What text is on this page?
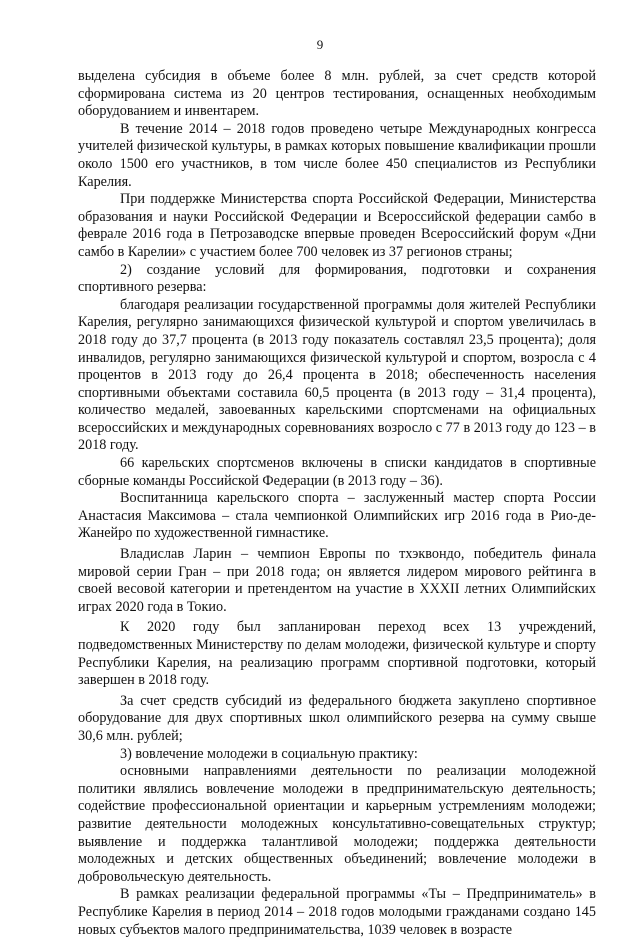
9

выделена субсидия в объеме более 8 млн. рублей, за счет средств которой сформирована система из 20 центров тестирования, оснащенных необходимым оборудованием и инвентарем.

В течение 2014 – 2018 годов проведено четыре Международных конгресса учителей физической культуры, в рамках которых повышение квалификации прошли около 1500 его участников, в том числе более 450 специалистов из Республики Карелия.

При поддержке Министерства спорта Российской Федерации, Министерства образования и науки Российской Федерации и Всероссийской федерации самбо в феврале 2016 года в Петрозаводске впервые проведен Всероссийский форум «Дни самбо в Карелии» с участием более 700 человек из 37 регионов страны;

2) создание условий для формирования, подготовки и сохранения спортивного резерва:

благодаря реализации государственной программы доля жителей Республики Карелия, регулярно занимающихся физической культурой и спортом увеличилась в 2018 году до 37,7 процента (в 2013 году показатель составлял 23,5 процента); доля инвалидов, регулярно занимающихся физической культурой и спортом, возросла с 4 процентов в 2013 году до 26,4 процента в 2018; обеспеченность населения спортивными объектами составила 60,5 процента (в 2013 году – 31,4 процента), количество медалей, завоеванных карельскими спортсменами на официальных всероссийских и международных соревнованиях возросло с 77 в 2013 году до 123 – в 2018 году.

66 карельских спортсменов включены в списки кандидатов в спортивные сборные команды Российской Федерации (в 2013 году – 36).

Воспитанница карельского спорта – заслуженный мастер спорта России Анастасия Максимова – стала чемпионкой Олимпийских игр 2016 года в Рио-де-Жанейро по художественной гимнастике.

Владислав Ларин – чемпион Европы по тхэквондо, победитель финала мировой серии Гран – при 2018 года; он является лидером мирового рейтинга в своей весовой категории и претендентом на участие в XXXII летних Олимпийских играх 2020 года в Токио.

К 2020 году был запланирован переход всех 13 учреждений, подведомственных Министерству по делам молодежи, физической культуре и спорту Республики Карелия, на реализацию программ спортивной подготовки, который завершен в 2018 году.

За счет средств субсидий из федерального бюджета закуплено спортивное оборудование для двух спортивных школ олимпийского резерва на сумму свыше 30,6 млн. рублей;

3) вовлечение молодежи в социальную практику:

основными направлениями деятельности по реализации молодежной политики являлись вовлечение молодежи в предпринимательскую деятельность; содействие профессиональной ориентации и карьерным устремлениям молодежи; развитие деятельности молодежных консультативно-совещательных структур; выявление и поддержка талантливой молодежи; поддержка деятельности молодежных и детских общественных объединений; вовлечение молодежи в добровольческую деятельность.

В рамках реализации федеральной программы «Ты – Предприниматель» в Республике Карелия в период 2014 – 2018 годов молодыми гражданами создано 145 новых субъектов малого предпринимательства, 1039 человек в возрасте
